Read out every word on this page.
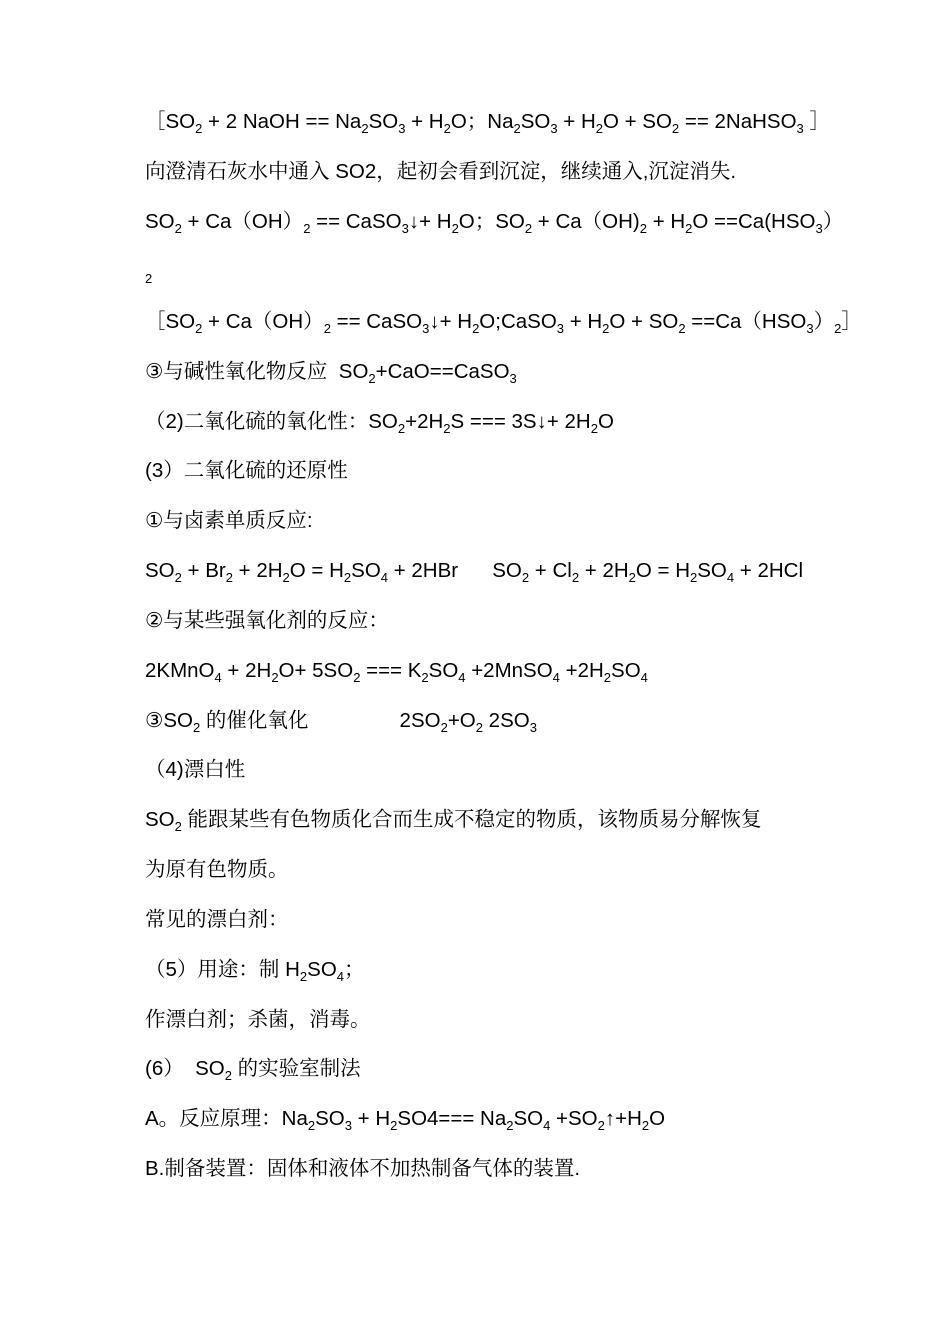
$[SO_2 + 2$ NaOH == $Na_2SO_3 + H_2O$；$Na_2SO_3 + H_2O + SO_2$ == 2NaHSO$_3$ ］
向澄清石灰水中通入 SO2，起初会看到沉淀，继续通入,沉淀消失.
$SO_2 + Ca(OH)_2$ == CaSO$_3$↓+ $H_2O$；$SO_2 + Ca(OH)_2 + H_2O ==Ca(HSO_3)$
$_2$
$[SO_2 + Ca(OH)_2$ == CaSO$_3$↓+ $H_2O;CaSO_3 + H_2O + SO_2$ $==Ca(HSO_3)_2]$
③与碱性氧化物反应  $SO_2+CaO==CaSO_3$
（2)二氧化硫的氧化性：$SO_2+2H_2S$ === 3S↓+ $2H_2O$
(3）二氧化硫的还原性
①与卤素单质反应:
$SO_2 + Br_2 + 2H_2O = H_2SO_4 + 2HBr$      $SO_2 + Cl_2 + 2H_2O = H_2SO_4 + 2HCl$
②与某些强氧化剂的反应：
2KMnO$_4$ + $2H_2O+ 5SO_2$ === $K_2SO_4$ +2MnSO$_4$ $+2H_2SO_4$
$③SO_2$ 的催化氧化                $2SO_2+O_2$ $2SO_3$
（4)漂白性
$SO_2$ 能跟某些有色物质化合而生成不稳定的物质，该物质易分解恢复
为原有色物质。
常见的漂白剂：
（5）用途：制 $H_2SO_4$；
作漂白剂；杀菌，消毒。
(6）  $SO_2$ 的实验室制法
A。反应原理：$Na_2SO_3 + H_2SO4=== Na_2SO_4$ $+SO_2↑+H_2O$
B.制备装置：固体和液体不加热制备气体的装置.
